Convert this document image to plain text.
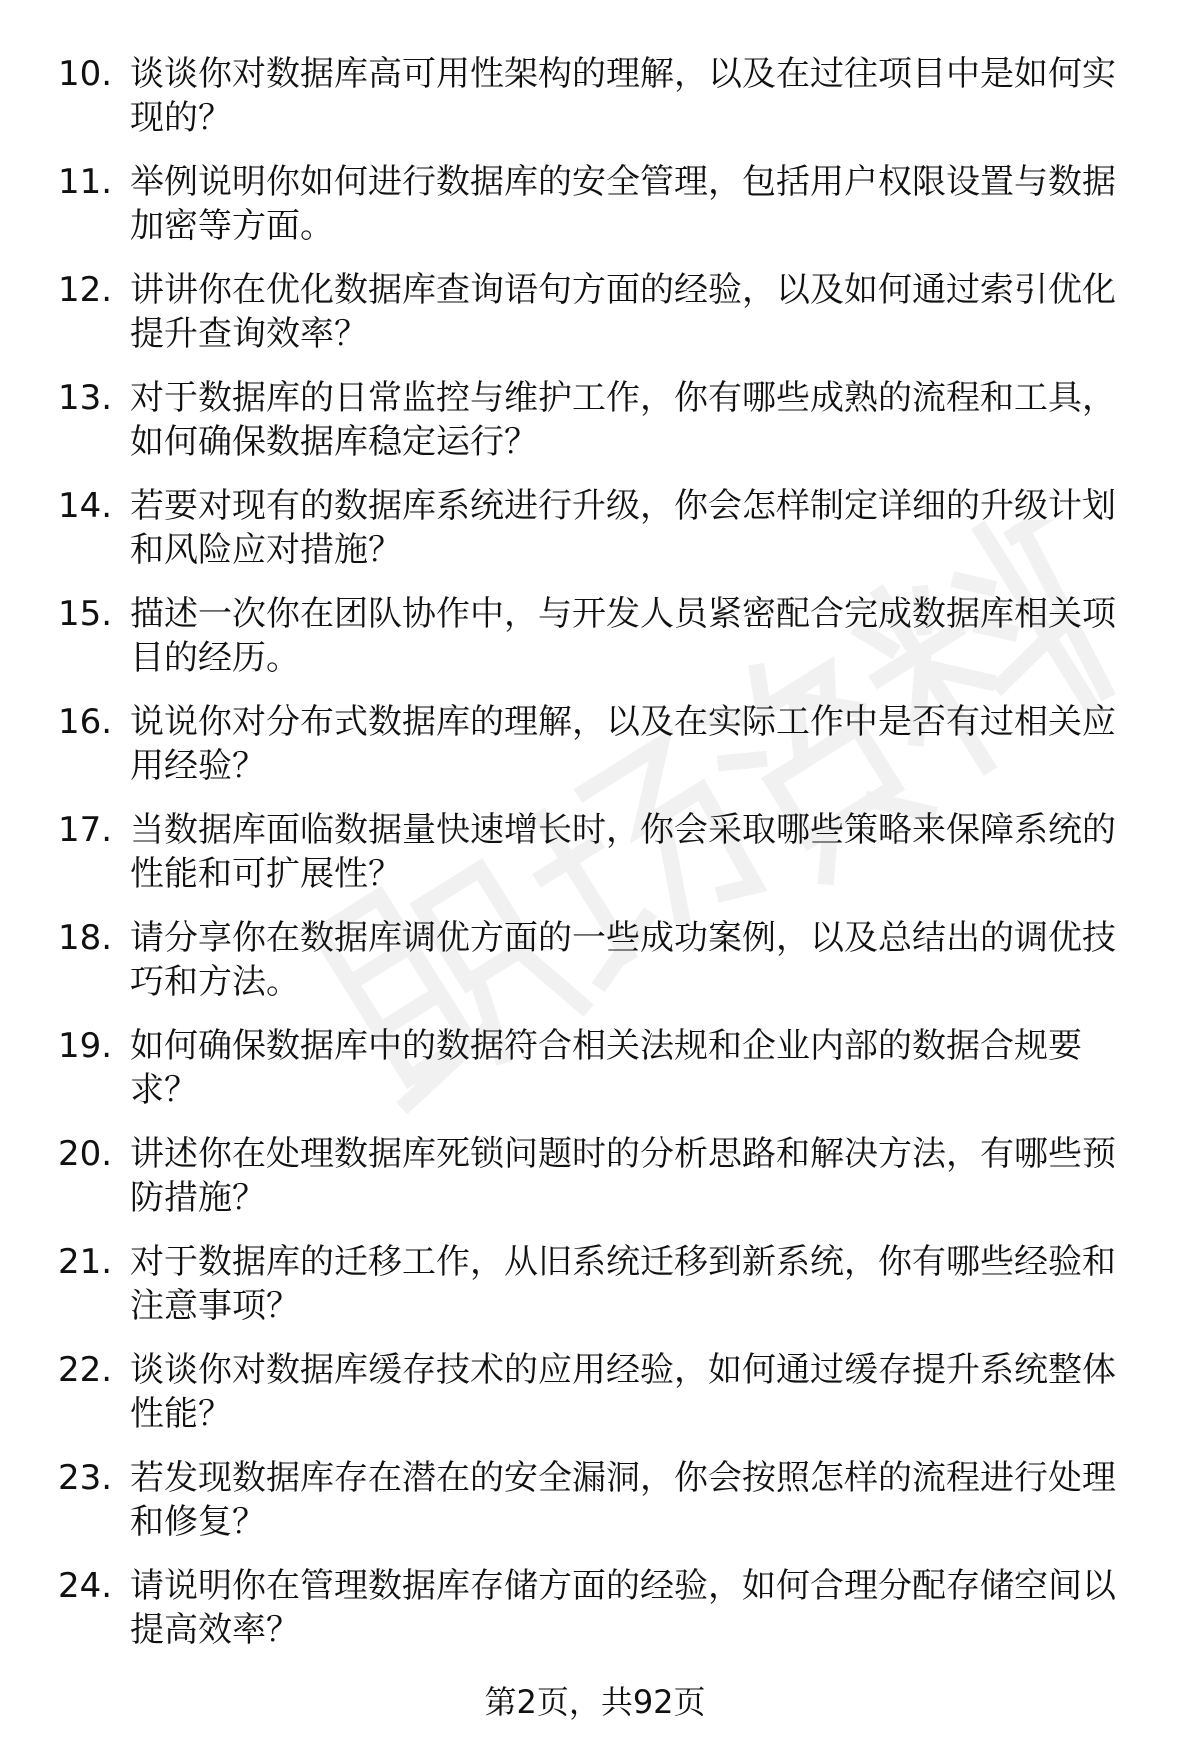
10. 谈谈你对数据库高可用性架构的理解，以及在过往项目中是如何实现的？
11. 举例说明你如何进行数据库的安全管理，包括用户权限设置与数据加密等方面。
12. 讲讲你在优化数据库查询语句方面的经验，以及如何通过索引优化提升查询效率？
13. 对于数据库的日常监控与维护工作，你有哪些成熟的流程和工具，如何确保数据库稳定运行？
14. 若要对现有的数据库系统进行升级，你会怎样制定详细的升级计划和风险应对措施？
15. 描述一次你在团队协作中，与开发人员紧密配合完成数据库相关项目的经历。
16. 说说你对分布式数据库的理解，以及在实际工作中是否有过相关应用经验？
17. 当数据库面临数据量快速增长时，你会采取哪些策略来保障系统的性能和可扩展性？
18. 请分享你在数据库调优方面的一些成功案例，以及总结出的调优技巧和方法。
19. 如何确保数据库中的数据符合相关法规和企业内部的数据合规要求？
20. 讲述你在处理数据库死锁问题时的分析思路和解决方法，有哪些预防措施？
21. 对于数据库的迁移工作，从旧系统迁移到新系统，你有哪些经验和注意事项？
22. 谈谈你对数据库缓存技术的应用经验，如何通过缓存提升系统整体性能？
23. 若发现数据库存在潜在的安全漏洞，你会按照怎样的流程进行处理和修复？
24. 请说明你在管理数据库存储方面的经验，如何合理分配存储空间以提高效率？
第2页，共92页
